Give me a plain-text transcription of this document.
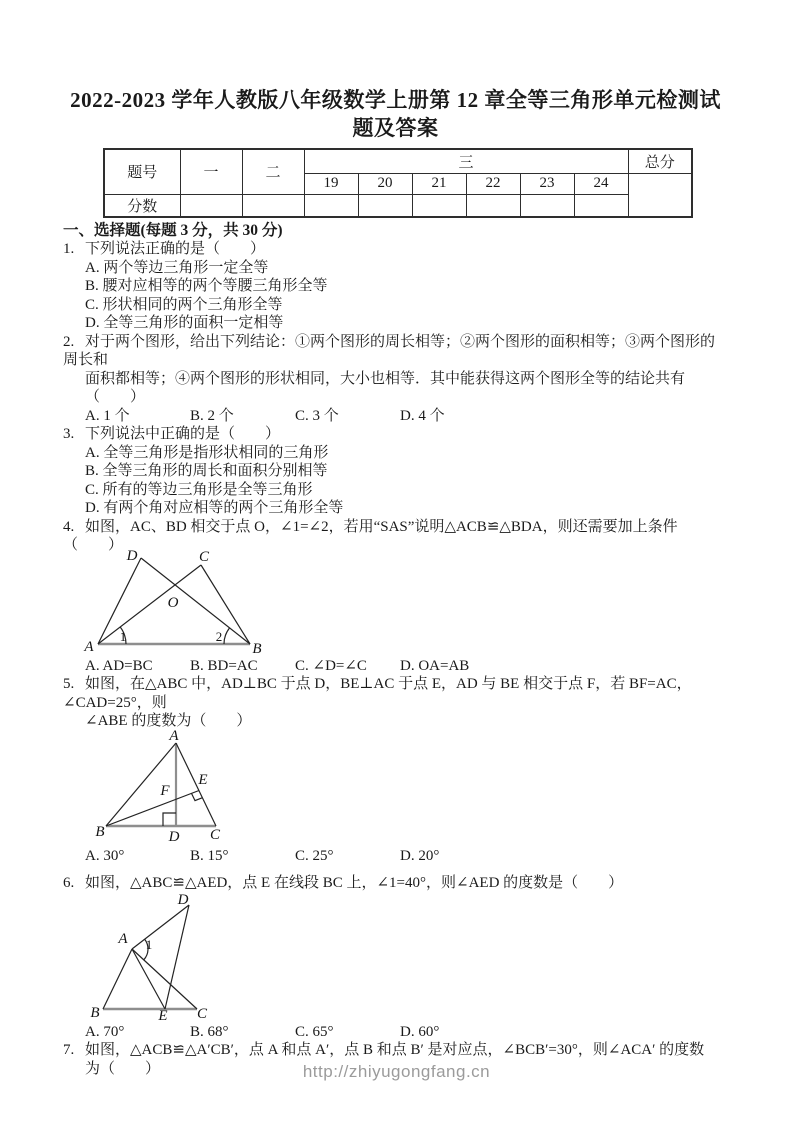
2022-2023 学年人教版八年级数学上册第 12 章全等三角形单元检测试
题及答案
题号	一	二	三						总分
			19	20	21	22	23	24	
分数									
一、选择题(每题 3 分，共 30 分)
1. 下列说法正确的是（　　）
A. 两个等边三角形一定全等
B. 腰对应相等的两个等腰三角形全等
C. 形状相同的两个三角形全等
D. 全等三角形的面积一定相等
2. 对于两个图形，给出下列结论：①两个图形的周长相等；②两个图形的面积相等；③两个图形的周长和
面积都相等；④两个图形的形状相同，大小也相等．其中能获得这两个图形全等的结论共有（　　）
A. 1 个	B. 2 个	C. 3 个	D. 4 个
3. 下列说法中正确的是（　　）
A. 全等三角形是指形状相同的三角形
B. 全等三角形的周长和面积分别相等
C. 所有的等边三角形是全等三角形
D. 有两个角对应相等的两个三角形全等
4. 如图，AC、BD 相交于点 O，∠1=∠2，若用“SAS”说明△ACB≌△BDA，则还需要加上条件（　　）
D	C
O
A	B
1	2
A. AD=BC B. BD=AC C. ∠D=∠C D. OA=AB
5. 如图，在△ABC 中，AD⊥BC 于点 D，BE⊥AC 于点 E，AD 与 BE 相交于点 F，若 BF=AC，∠CAD=25°，则
∠ABE 的度数为（　　）
A
B	C
D
E
F
A. 30°	B. 15°	C. 25°	D. 20°
6. 如图，△ABC≌△AED，点 E 在线段 BC 上，∠1=40°，则∠AED 的度数是（　　）
A
B	C
D
E
1
A. 70°	B. 68°	C. 65°	D. 60°
7. 如图，△ACB≌△A′CB′，点 A 和点 A′，点 B 和点 B′ 是对应点，∠BCB′=30°，则∠ACA′ 的度数
为（　　）	http://zhiyugongfang.cn
